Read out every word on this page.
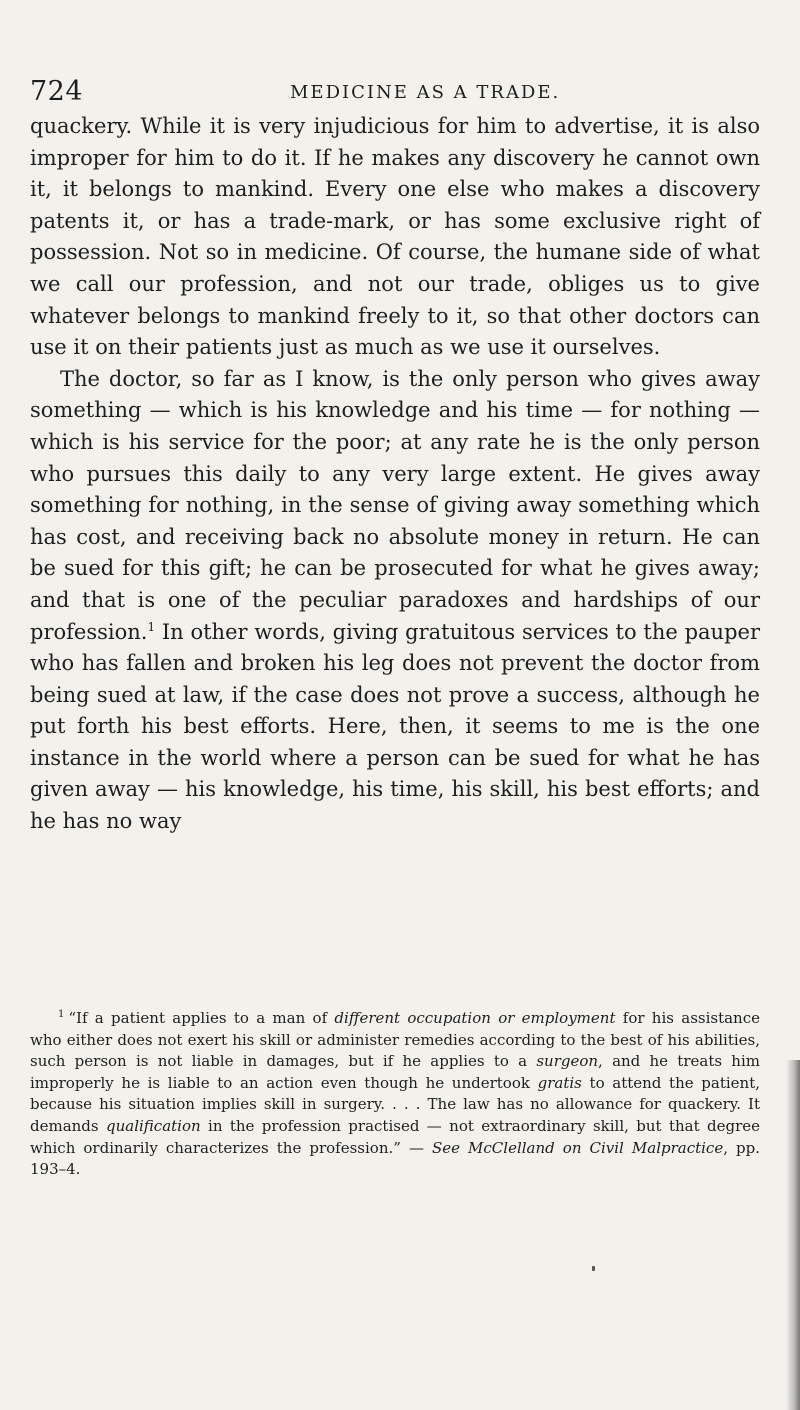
724	MEDICINE AS A TRADE.

quackery. While it is very injudicious for him to advertise, it is also improper for him to do it. If he makes any discovery he cannot own it, it belongs to mankind. Every one else who makes a discovery patents it, or has a trade-mark, or has some exclusive right of possession. Not so in medicine. Of course, the humane side of what we call our profession, and not our trade, obliges us to give whatever belongs to mankind freely to it, so that other doctors can use it on their patients just as much as we use it ourselves.

The doctor, so far as I know, is the only person who gives away something — which is his knowledge and his time — for nothing — which is his service for the poor; at any rate he is the only person who pursues this daily to any very large extent. He gives away something for nothing, in the sense of giving away something which has cost, and receiving back no absolute money in return. He can be sued for this gift; he can be prosecuted for what he gives away; and that is one of the peculiar paradoxes and hardships of our profession.$^1$ In other words, giving gratuitous services to the pauper who has fallen and broken his leg does not prevent the doctor from being sued at law, if the case does not prove a success, although he put forth his best efforts. Here, then, it seems to me is the one instance in the world where a person can be sued for what he has given away — his knowledge, his time, his skill, his best efforts; and he has no way

$^1$ “If a patient applies to a man of different occupation or employment for his assistance who either does not exert his skill or administer remedies according to the best of his abilities, such person is not liable in damages, but if he applies to a surgeon, and he treats him improperly he is liable to an action even though he undertook gratis to attend the patient, because his situation implies skill in surgery. . . . The law has no allowance for quackery. It demands qualification in the profession practised — not extraordinary skill, but that degree which ordinarily characterizes the profession.” — See McClelland on Civil Malpractice, pp. 193–4.
